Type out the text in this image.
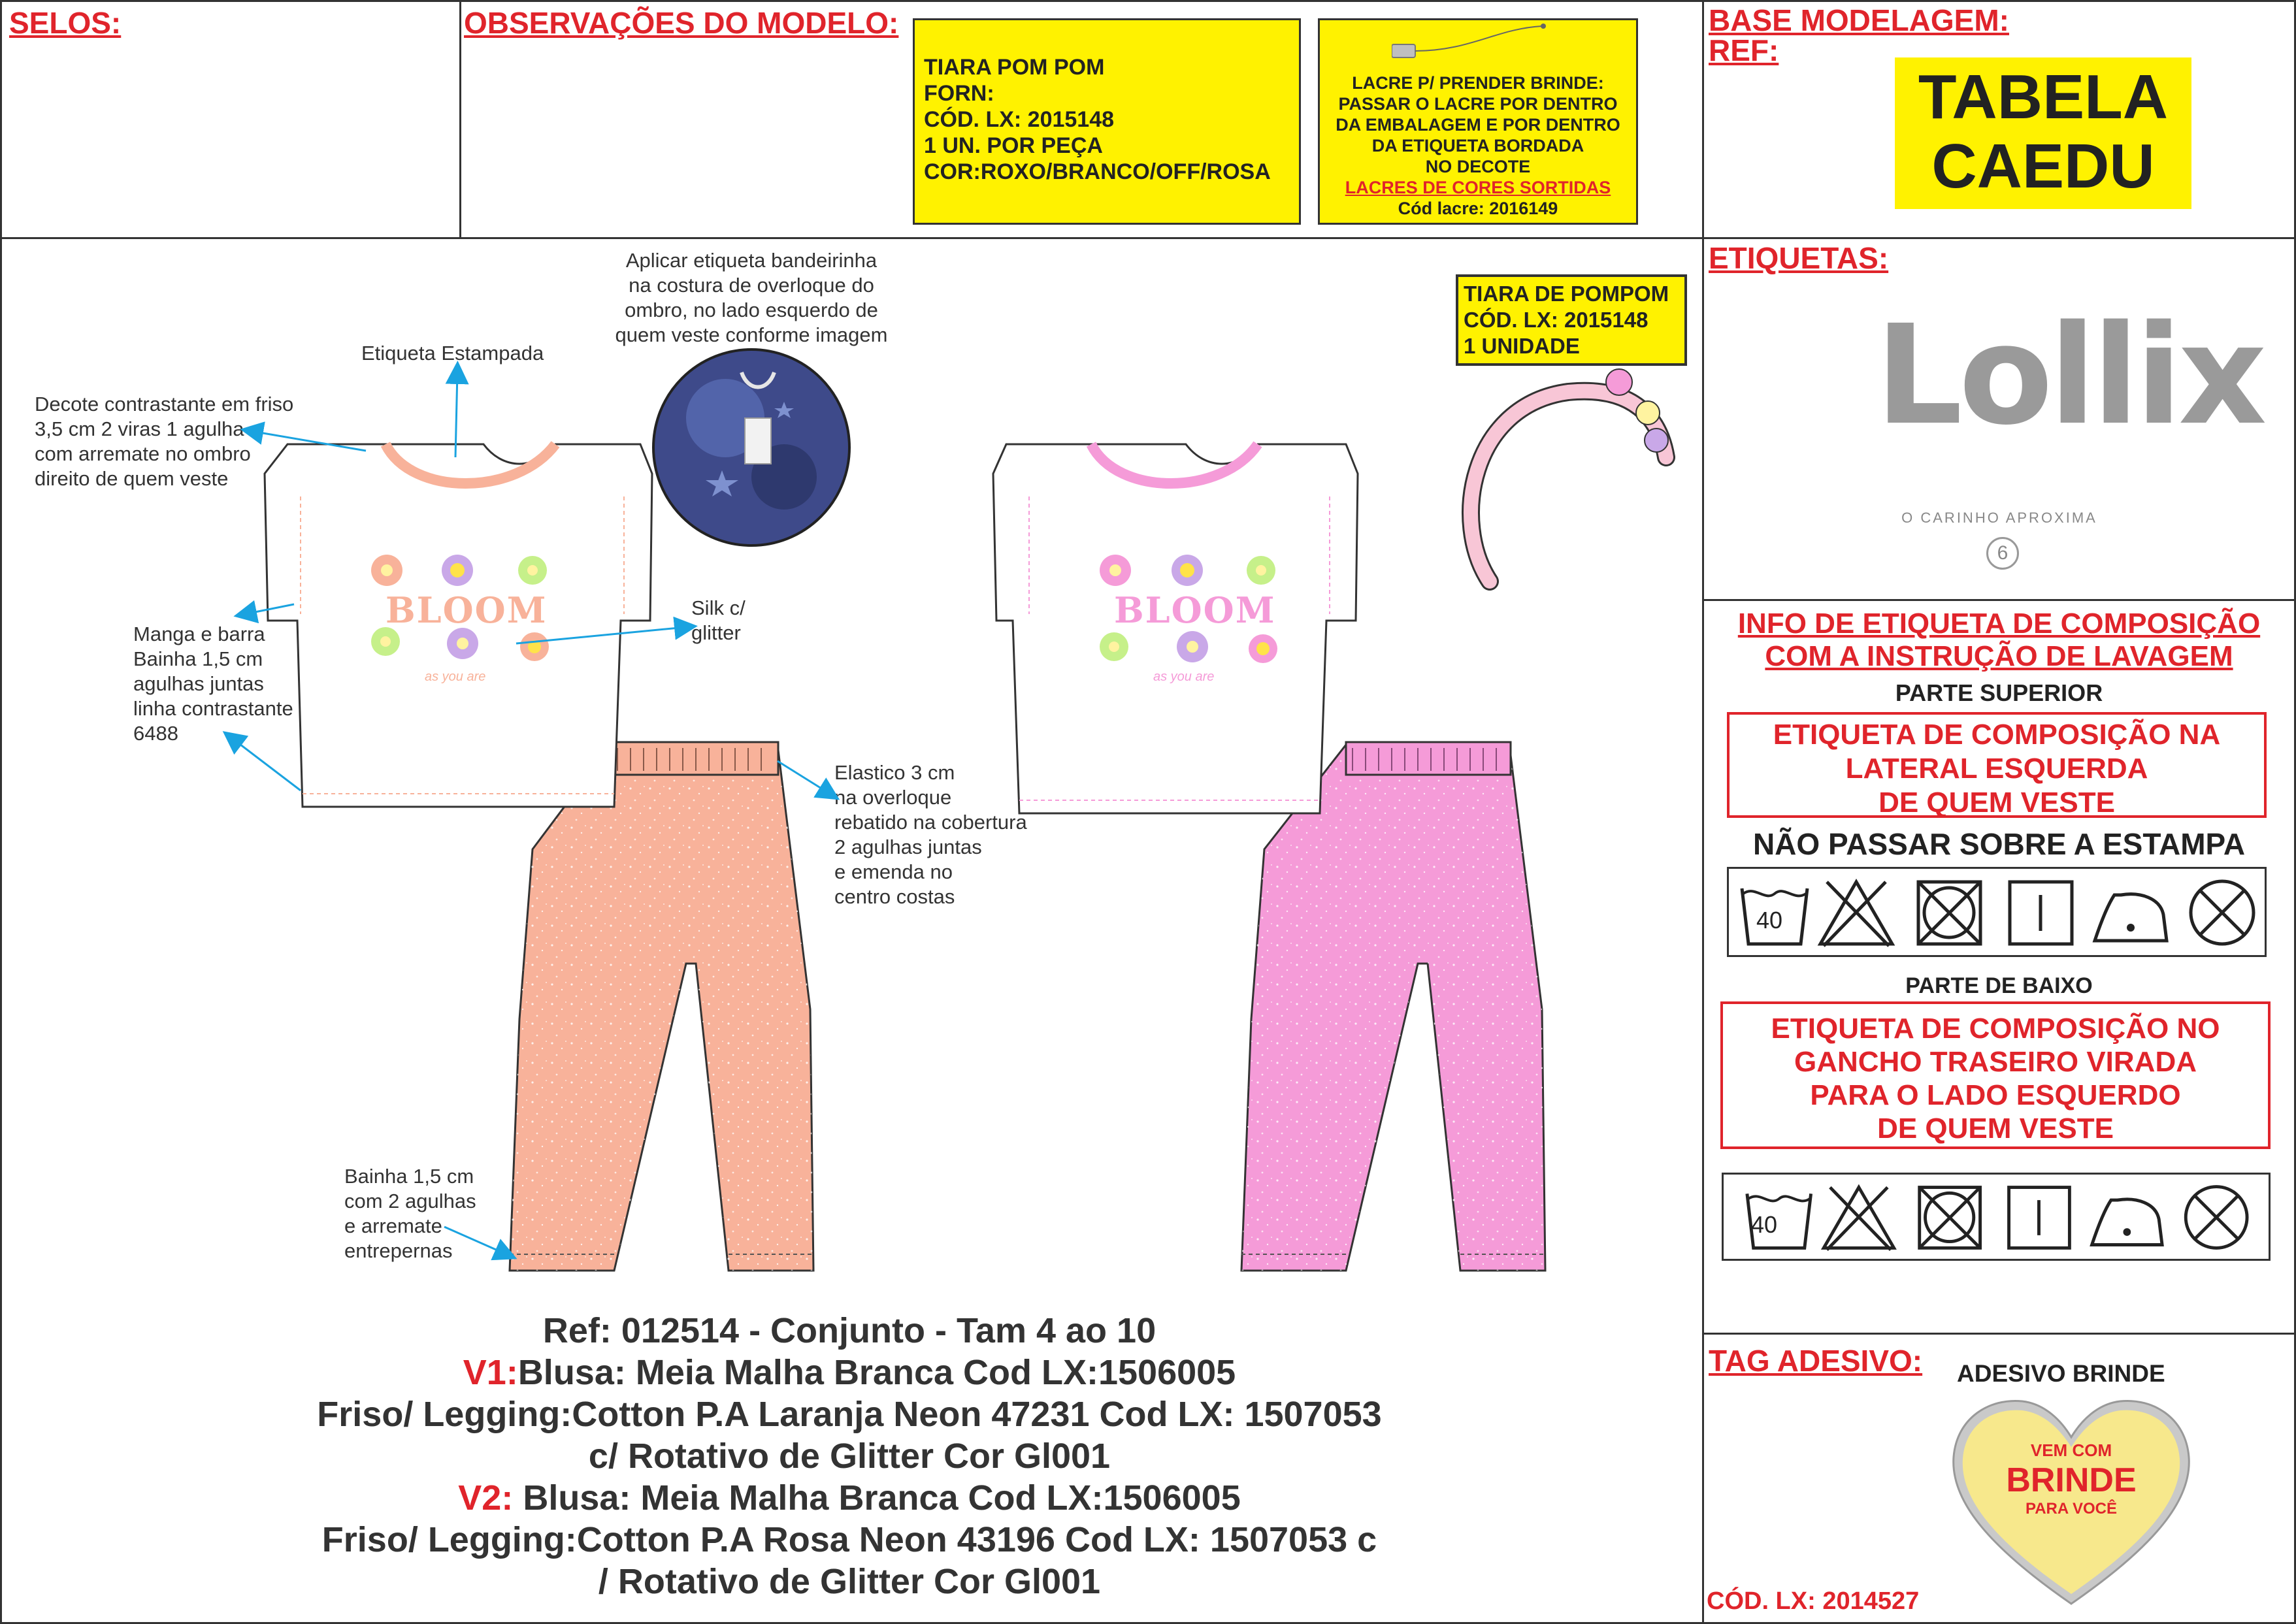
SELOS:	OBSERVAÇÕES DO MODELO:
TIARA POM POM
FORN:
CÓD. LX: 2015148
1 UN. POR PEÇA
COR:ROXO/BRANCO/OFF/ROSA
LACRE P/ PRENDER BRINDE:
PASSAR O LACRE POR DENTRO
DA EMBALAGEM E POR DENTRO
DA ETIQUETA BORDADA
NO DECOTE
LACRES DE CORES SORTIDAS
Cód lacre: 2016149
BASE MODELAGEM:
REF:
TABELA
CAEDU
Etiqueta Estampada
Decote contrastante em friso
3,5 cm 2 viras 1 agulha
com arremate no ombro
direito de quem veste
Manga e barra
Bainha 1,5 cm
agulhas juntas
linha contrastante
6488
Aplicar etiqueta bandeirinha
na costura de overloque do
ombro, no lado esquerdo de
quem veste conforme imagem
Silk c/
glitter
Elastico 3 cm
na overloque
rebatido na cobertura
2 agulhas juntas
e emenda no
centro costas
Bainha 1,5 cm
com 2 agulhas
e arremate
entrepernas
TIARA DE POMPOM
CÓD. LX: 2015148
1 UNIDADE
BLOOM
as you are
BLOOM
as you are
Ref: 012514 - Conjunto - Tam 4 ao 10
V1:Blusa: Meia Malha Branca Cod LX:1506005
Friso/ Legging:Cotton P.A Laranja Neon 47231 Cod LX: 1507053
c/ Rotativo de Glitter Cor Gl001
V2: Blusa: Meia Malha Branca Cod LX:1506005
Friso/ Legging:Cotton P.A Rosa Neon 43196 Cod LX: 1507053 c
/ Rotativo de Glitter Cor Gl001
ETIQUETAS:
Lollix
O CARINHO APROXIMA
6
INFO DE ETIQUETA DE COMPOSIÇÃO
COM A INSTRUÇÃO DE LAVAGEM
PARTE SUPERIOR
ETIQUETA DE COMPOSIÇÃO NA
LATERAL ESQUERDA
DE QUEM VESTE
NÃO PASSAR SOBRE A ESTAMPA
40
PARTE DE BAIXO
ETIQUETA DE COMPOSIÇÃO NO
GANCHO TRASEIRO VIRADA
PARA O LADO ESQUERDO
DE QUEM VESTE
40
TAG ADESIVO: ADESIVO BRINDE
VEM COM
BRINDE
PARA VOCÊ
CÓD. LX: 2014527
